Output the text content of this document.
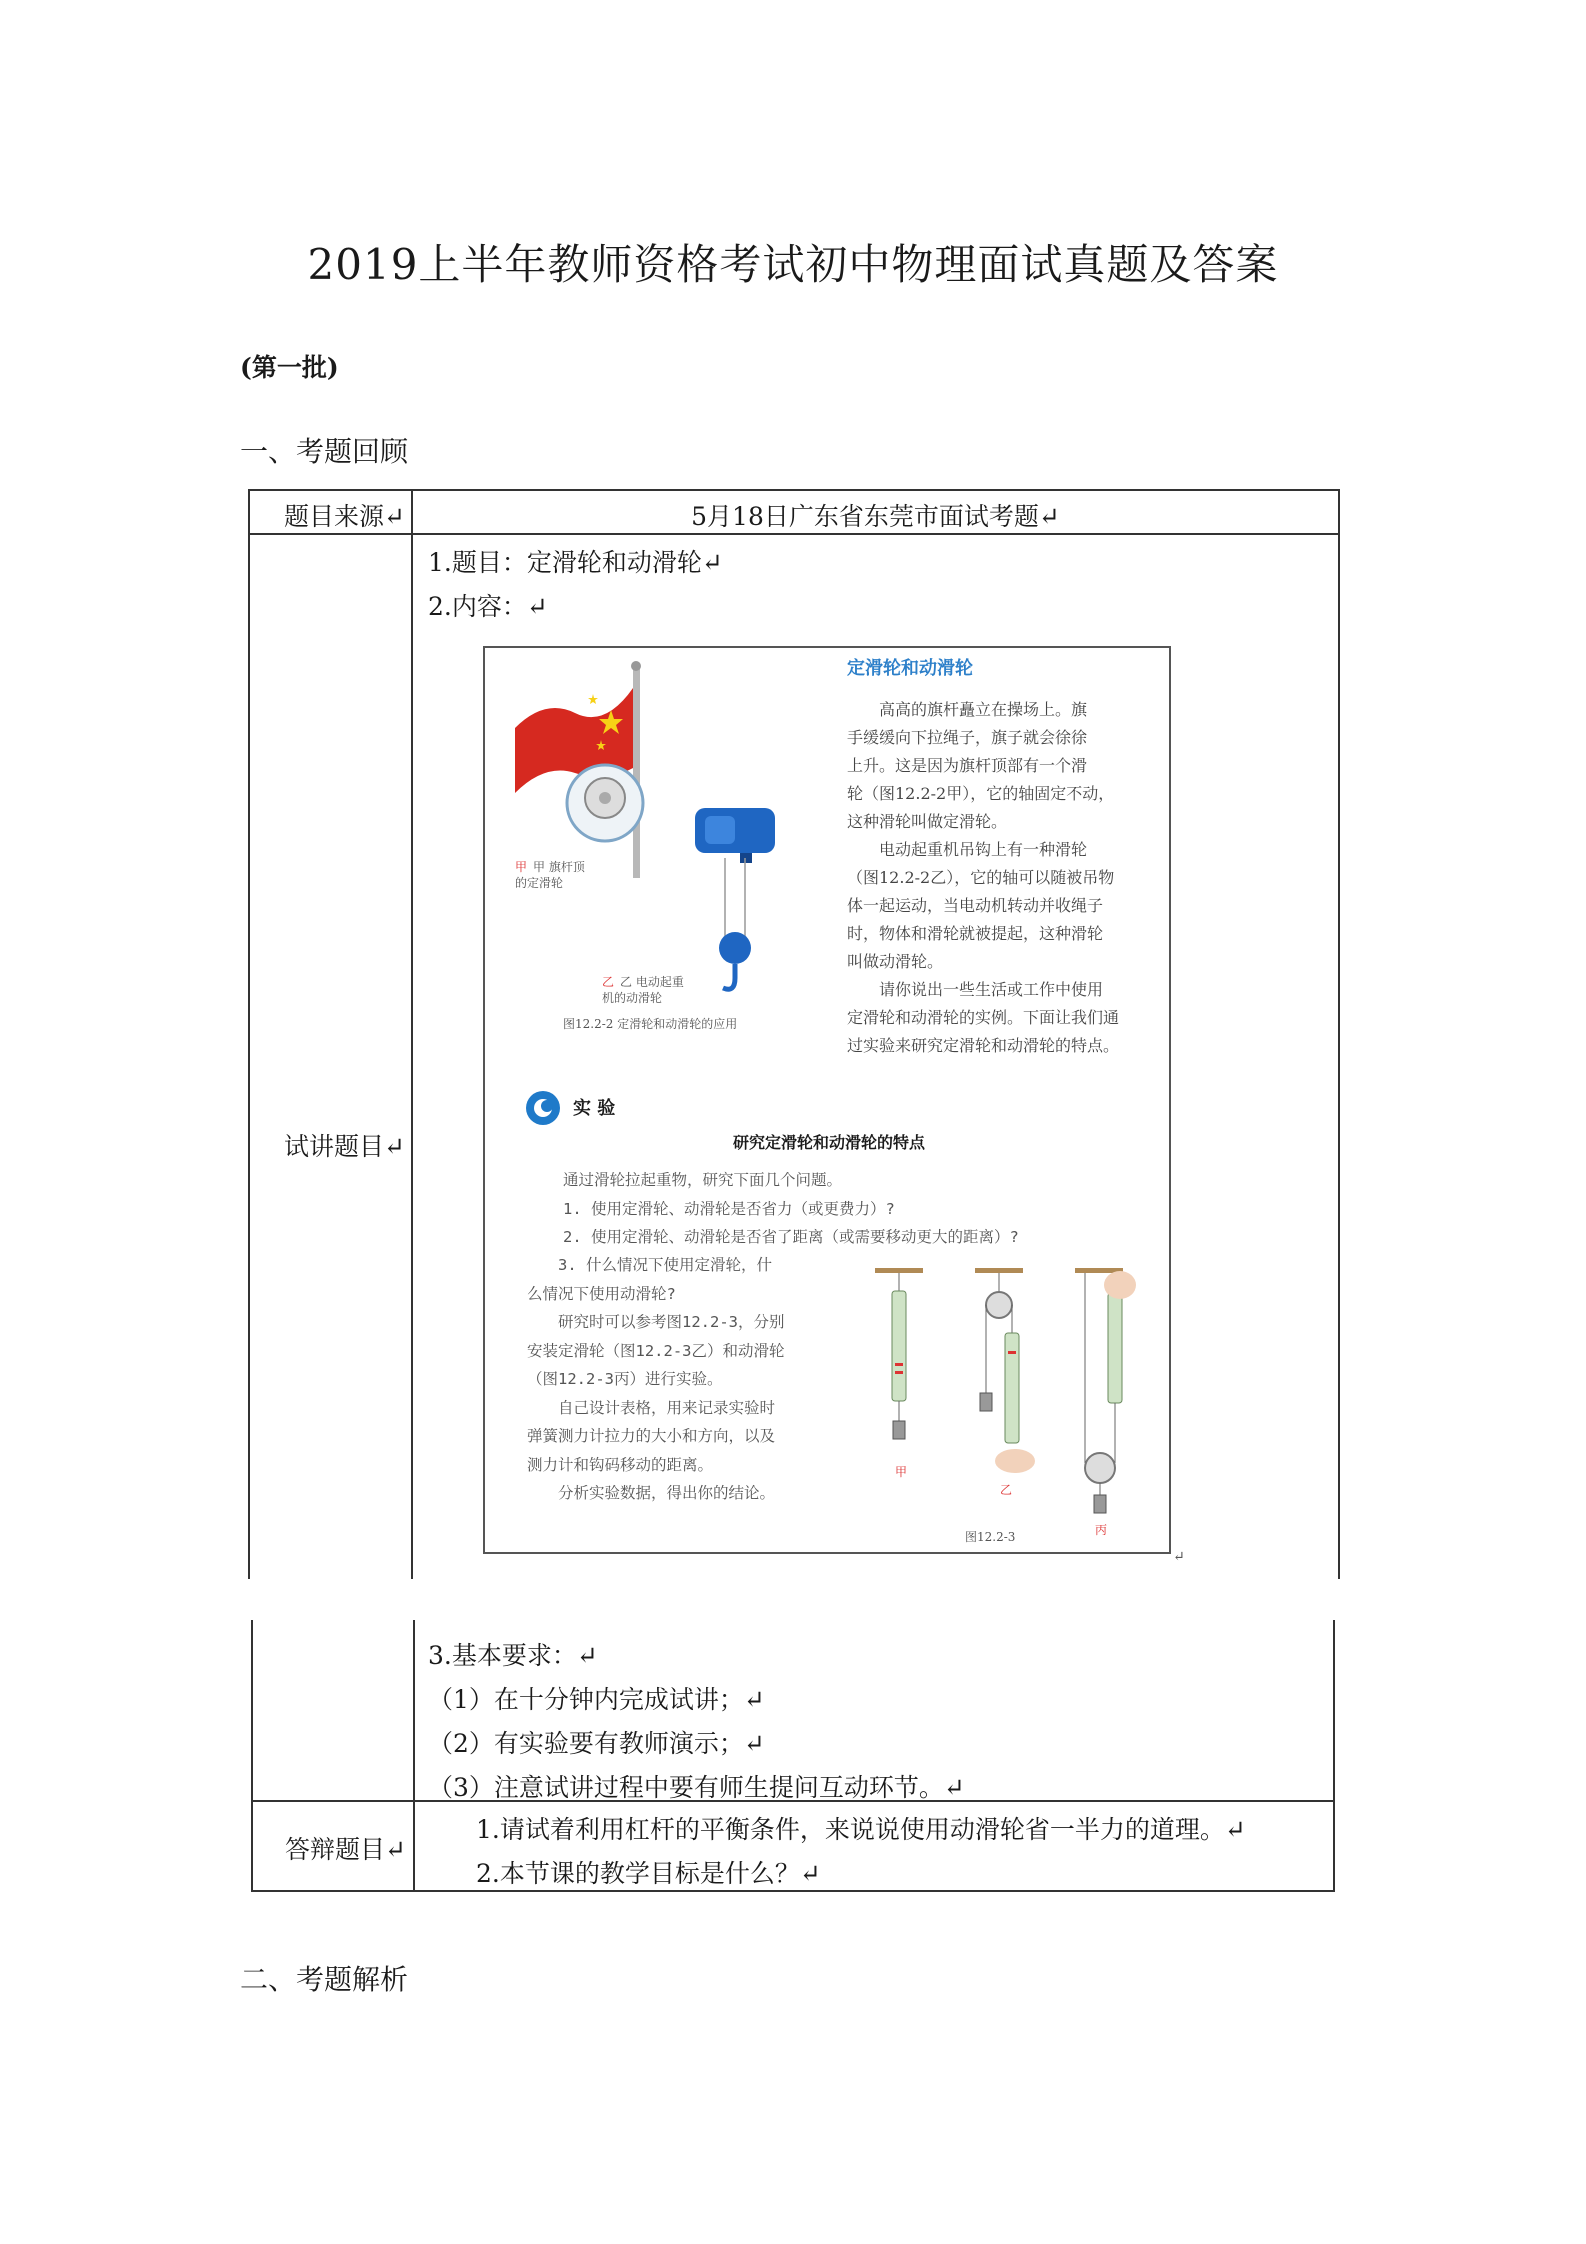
2019上半年教师资格考试初中物理面试真题及答案
(第一批)
一、考题回顾
题目来源↵	5月18日广东省东莞市面试考题↵
试讲题目↵
1.题目：定滑轮和动滑轮↵
2.内容：↵
甲 甲 旗杆顶
的定滑轮
乙 乙 电动起重
机的动滑轮
图12.2-2 定滑轮和动滑轮的应用
定滑轮和动滑轮
高高的旗杆矗立在操场上。旗
手缓缓向下拉绳子，旗子就会徐徐
上升。这是因为旗杆顶部有一个滑
轮（图12.2-2甲），它的轴固定不动，
这种滑轮叫做定滑轮。
电动起重机吊钩上有一种滑轮
（图12.2-2乙），它的轴可以随被吊物
体一起运动，当电动机转动并收绳子
时，物体和滑轮就被提起，这种滑轮
叫做动滑轮。
请你说出一些生活或工作中使用
定滑轮和动滑轮的实例。下面让我们通
过实验来研究定滑轮和动滑轮的特点。
实 验
研究定滑轮和动滑轮的特点
通过滑轮拉起重物，研究下面几个问题。
1. 使用定滑轮、动滑轮是否省力（或更费力）?
2. 使用定滑轮、动滑轮是否省了距离（或需要移动更大的距离）?
3. 什么情况下使用定滑轮，什
么情况下使用动滑轮?
研究时可以参考图12.2-3，分别
安装定滑轮（图12.2-3乙）和动滑轮
（图12.2-3丙）进行实验。
自己设计表格，用来记录实验时
弹簧测力计拉力的大小和方向，以及
测力计和钩码移动的距离。
分析实验数据，得出你的结论。
甲
乙
丙
图12.2-3
↵
3.基本要求：↵
（1）在十分钟内完成试讲；↵
（2）有实验要有教师演示；↵
（3）注意试讲过程中要有师生提问互动环节。↵
答辩题目↵
1.请试着利用杠杆的平衡条件，来说说使用动滑轮省一半力的道理。↵
2.本节课的教学目标是什么？↵
二、考题解析
